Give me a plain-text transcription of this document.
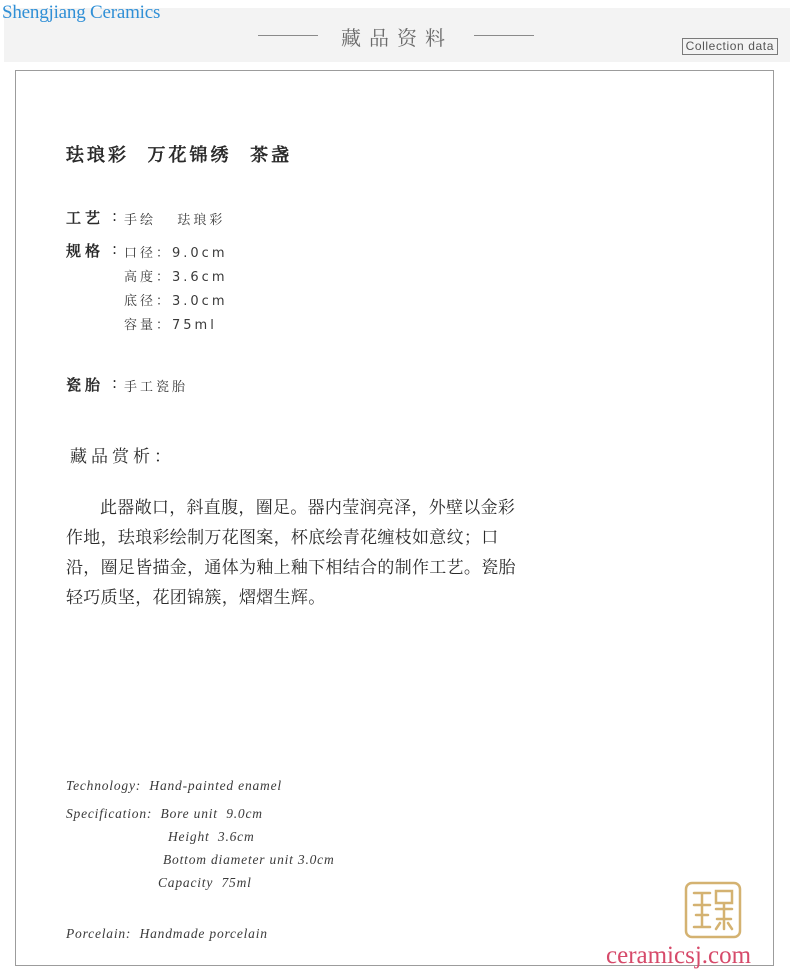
Shengjiang Ceramics
藏品资料	Collection data
珐琅彩  万花锦绣  茶盏
工艺 : 手绘   珐琅彩
规格 : 口径：9.0cm
高度：3.6cm
底径：3.0cm
容量：75ml
瓷胎 : 手工瓷胎
藏品赏析：
此器敞口，斜直腹，圈足。器内莹润亮泽，外壁以金彩作地，珐琅彩绘制万花图案，杯底绘青花缠枝如意纹；口沿，圈足皆描金，通体为釉上釉下相结合的制作工艺。瓷胎轻巧质坚，花团锦簇，熠熠生辉。
Technology:  Hand-painted enamel
Specification:  Bore unit  9.0cm
Height  3.6cm
Bottom diameter unit 3.0cm
Capacity  75ml
Porcelain:  Handmade porcelain
ceramicsj.com
